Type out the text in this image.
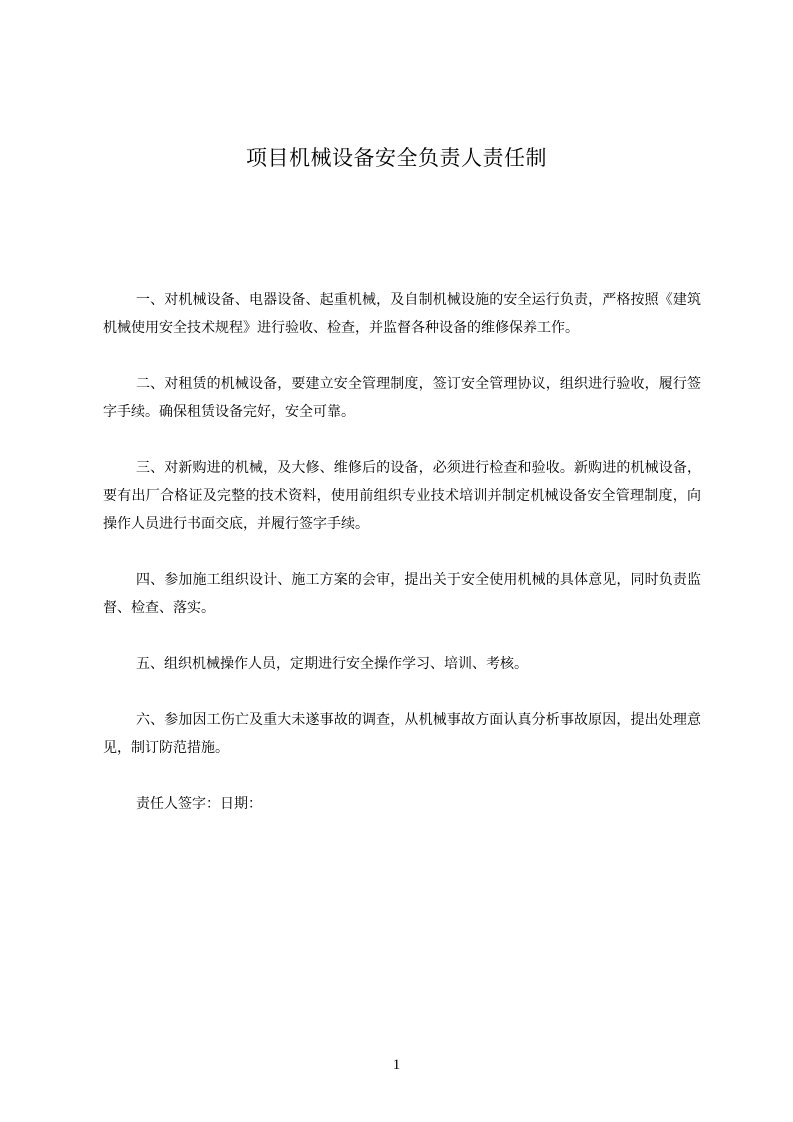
项目机械设备安全负责人责任制

一、对机械设备、电器设备、起重机械，及自制机械设施的安全运行负责，严格按照《建筑机械使用安全技术规程》进行验收、检查，并监督各种设备的维修保养工作。

二、对租赁的机械设备，要建立安全管理制度，签订安全管理协议，组织进行验收，履行签字手续。确保租赁设备完好，安全可靠。

三、对新购进的机械，及大修、维修后的设备，必须进行检查和验收。新购进的机械设备，要有出厂合格证及完整的技术资料，使用前组织专业技术培训并制定机械设备安全管理制度，向操作人员进行书面交底，并履行签字手续。

四、参加施工组织设计、施工方案的会审，提出关于安全使用机械的具体意见，同时负责监督、检查、落实。

五、组织机械操作人员，定期进行安全操作学习、培训、考核。

六、参加因工伤亡及重大未遂事故的调查，从机械事故方面认真分析事故原因，提出处理意见，制订防范措施。

责任人签字：日期：

1
